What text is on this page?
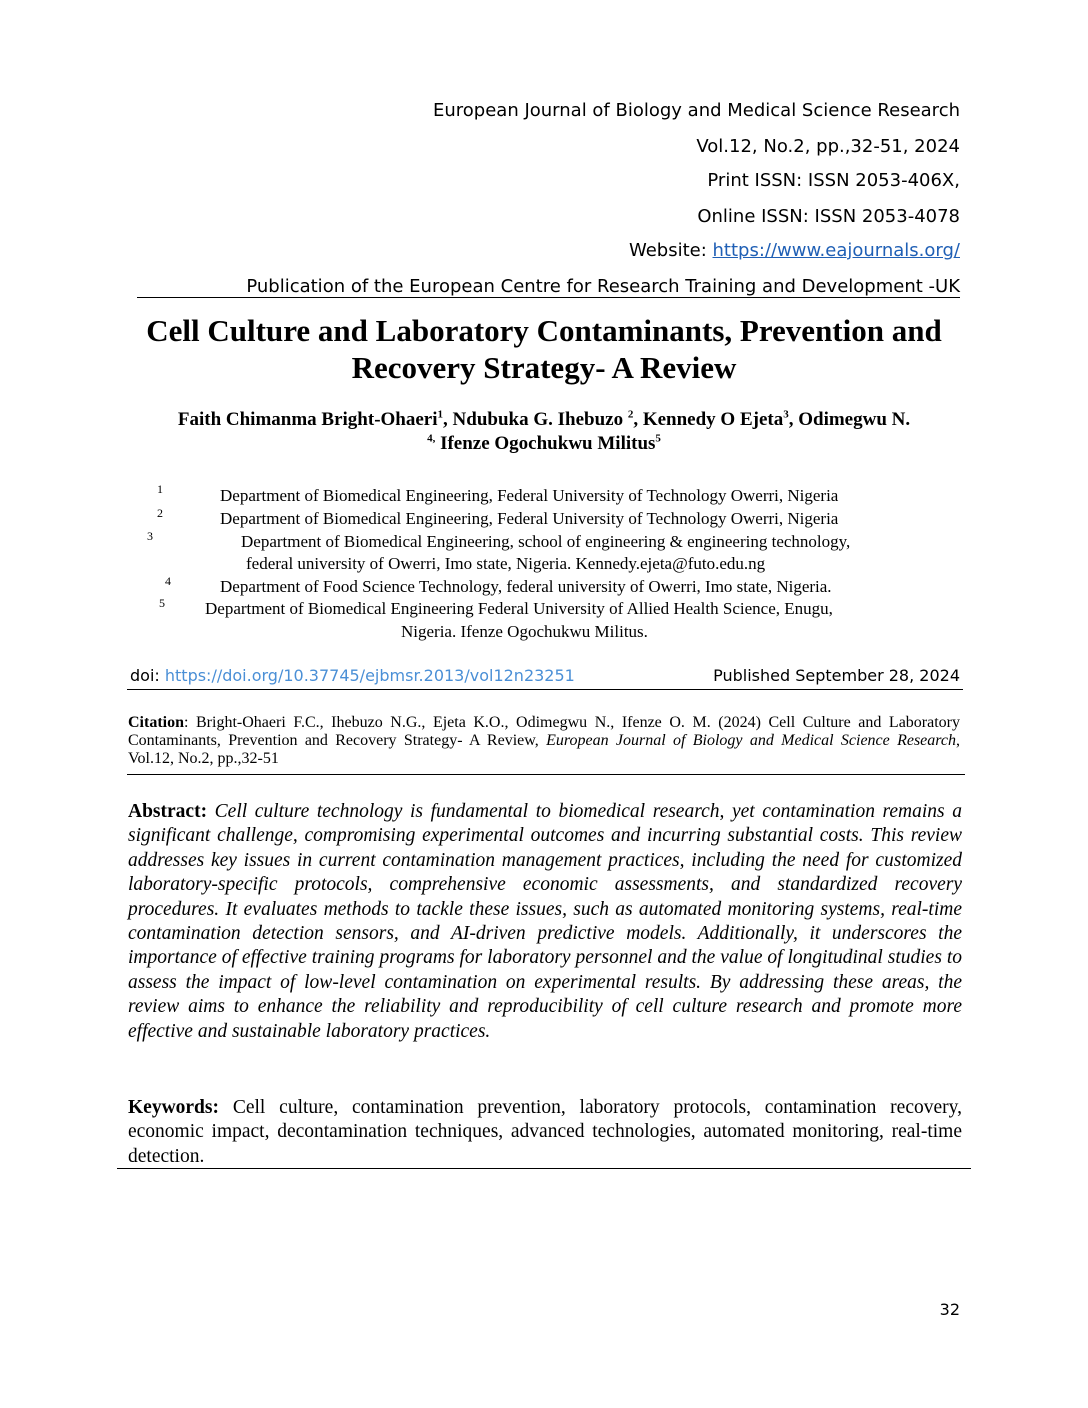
European Journal of Biology and Medical Science Research
Vol.12, No.2, pp.,32-51, 2024
Print ISSN: ISSN 2053-406X,
Online ISSN: ISSN 2053-4078
Website: https://www.eajournals.org/
Publication of the European Centre for Research Training and Development -UK
Cell Culture and Laboratory Contaminants, Prevention and
Recovery Strategy- A Review
Faith Chimanma Bright-Ohaeri$^1$, Ndubuka G. Ihebuzo $^2$, Kennedy O Ejeta$^3$, Odimegwu N.
$^{4,}$ Ifenze Ogochukwu Militus$^5$
1	Department of Biomedical Engineering, Federal University of Technology Owerri, Nigeria
2	Department of Biomedical Engineering, Federal University of Technology Owerri, Nigeria
3	Department of Biomedical Engineering, school of engineering & engineering technology,
federal university of Owerri, Imo state, Nigeria. Kennedy.ejeta@futo.edu.ng
4	Department of Food Science Technology, federal university of Owerri, Imo state, Nigeria.
5 Department of Biomedical Engineering Federal University of Allied Health Science, Enugu,
Nigeria. Ifenze Ogochukwu Militus.
doi: https://doi.org/10.37745/ejbmsr.2013/vol12n23251	Published September 28, 2024
Citation: Bright-Ohaeri F.C., Ihebuzo N.G., Ejeta K.O., Odimegwu N., Ifenze O. M. (2024) Cell Culture and Laboratory Contaminants, Prevention and Recovery Strategy- A Review, European Journal of Biology and Medical Science Research, Vol.12, No.2, pp.,32-51
Abstract: Cell culture technology is fundamental to biomedical research, yet contamination remains a significant challenge, compromising experimental outcomes and incurring substantial costs. This review addresses key issues in current contamination management practices, including the need for customized laboratory-specific protocols, comprehensive economic assessments, and standardized recovery procedures. It evaluates methods to tackle these issues, such as automated monitoring systems, real-time contamination detection sensors, and AI-driven predictive models. Additionally, it underscores the importance of effective training programs for laboratory personnel and the value of longitudinal studies to assess the impact of low-level contamination on experimental results. By addressing these areas, the review aims to enhance the reliability and reproducibility of cell culture research and promote more effective and sustainable laboratory practices.
Keywords: Cell culture, contamination prevention, laboratory protocols, contamination recovery, economic impact, decontamination techniques, advanced technologies, automated monitoring, real-time detection.
32
